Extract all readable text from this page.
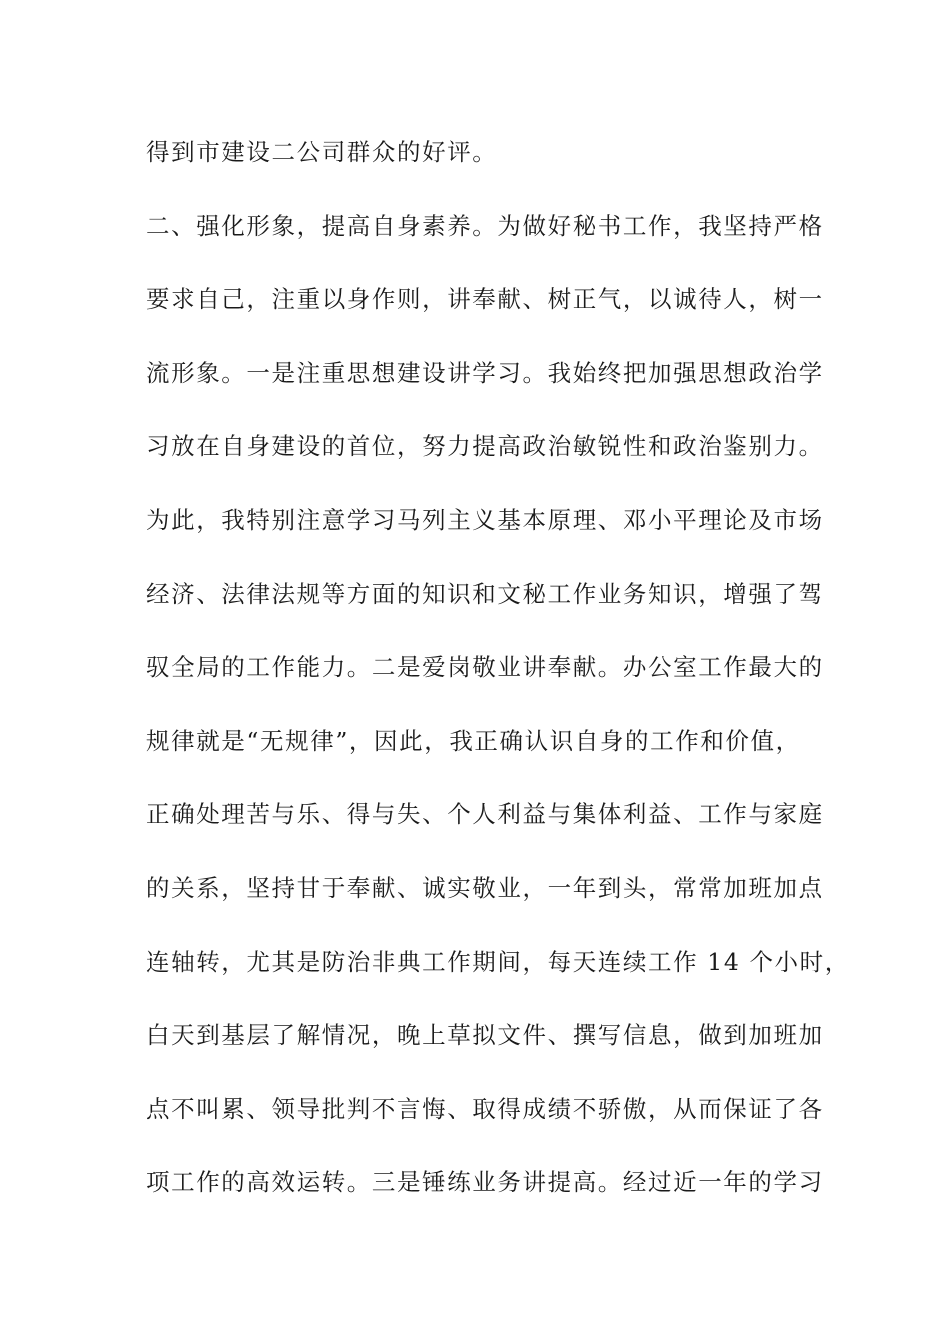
得到市建设二公司群众的好评。
二、强化形象，提高自身素养。为做好秘书工作，我坚持严格
要求自己，注重以身作则，讲奉献、树正气，以诚待人，树一
流形象。一是注重思想建设讲学习。我始终把加强思想政治学
习放在自身建设的首位，努力提高政治敏锐性和政治鉴别力。
为此，我特别注意学习马列主义基本原理、邓小平理论及市场
经济、法律法规等方面的知识和文秘工作业务知识，增强了驾
驭全局的工作能力。二是爱岗敬业讲奉献。办公室工作最大的
规律就是“无规律”，因此，我正确认识自身的工作和价值，
正确处理苦与乐、得与失、个人利益与集体利益、工作与家庭
的关系，坚持甘于奉献、诚实敬业，一年到头，常常加班加点
连轴转，尤其是防治非典工作期间，每天连续工作 14 个小时，
白天到基层了解情况，晚上草拟文件、撰写信息，做到加班加
点不叫累、领导批判不言悔、取得成绩不骄傲，从而保证了各
项工作的高效运转。三是锤练业务讲提高。经过近一年的学习
